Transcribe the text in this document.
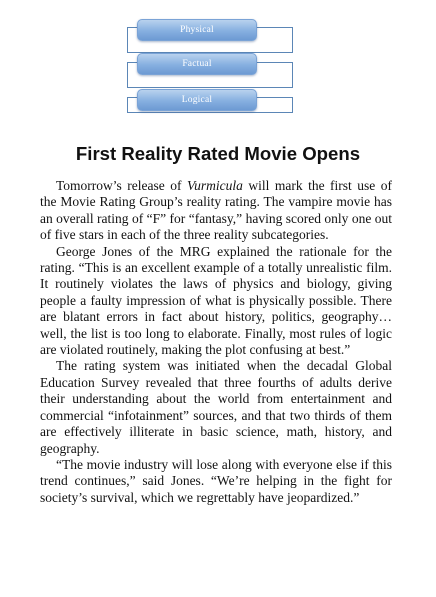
Physical
Factual
Logical
First Reality Rated Movie Opens

Tomorrow’s release of Vurmicula will mark the first use of the Movie Rating Group’s reality rating. The vampire movie has an overall rating of “F” for “fantasy,” having scored only one out of five stars in each of the three reality subcategories.

George Jones of the MRG explained the rationale for the rating. “This is an excellent example of a totally unrealistic film. It routinely violates the laws of physics and biology, giving people a faulty impression of what is physically possible. There are blatant errors in fact about history, politics, geography… well, the list is too long to elaborate. Finally, most rules of logic are violated routinely, making the plot confusing at best.”

The rating system was initiated when the decadal Global Education Survey revealed that three fourths of adults derive their understanding about the world from entertainment and commercial “infotainment” sources, and that two thirds of them are effectively illiterate in basic science, math, history, and geography.

“The movie industry will lose along with everyone else if this trend continues,” said Jones. “We’re helping in the fight for society’s survival, which we regrettably have jeopardized.”
